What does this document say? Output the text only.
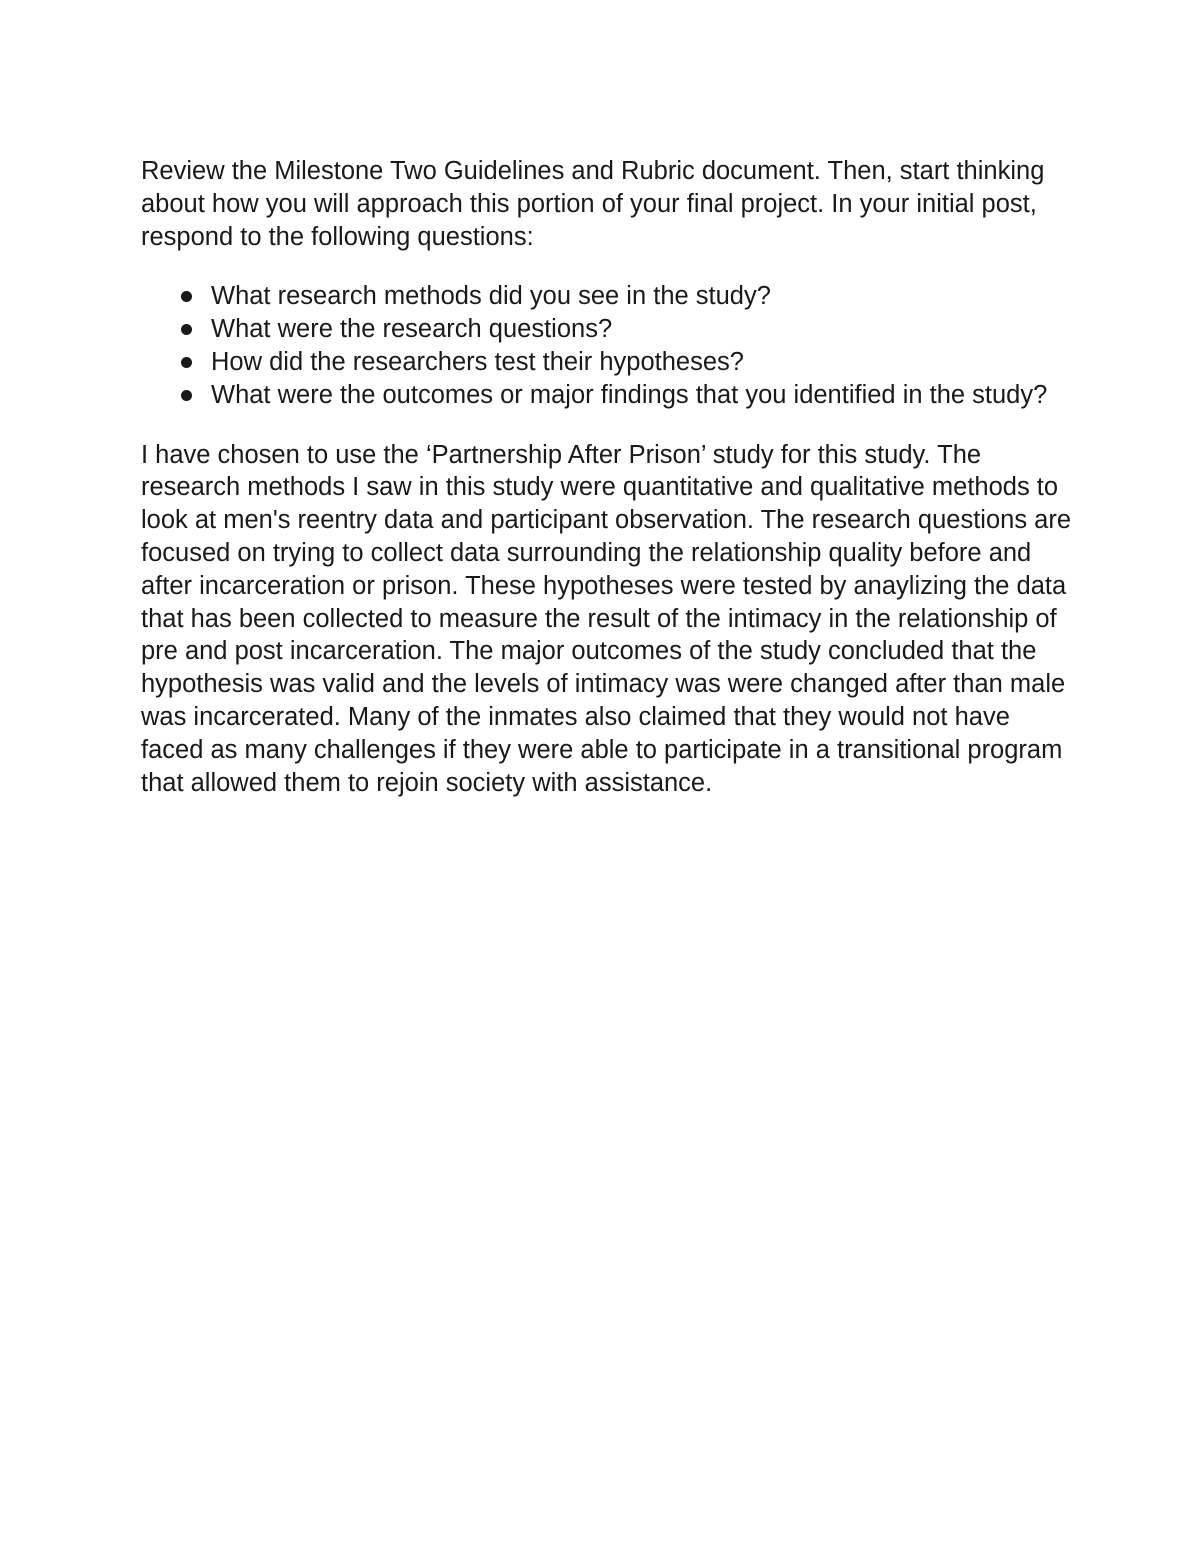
Review the Milestone Two Guidelines and Rubric document. Then, start thinking about how you will approach this portion of your final project. In your initial post, respond to the following questions:

What research methods did you see in the study?
What were the research questions?
How did the researchers test their hypotheses?
What were the outcomes or major findings that you identified in the study?

I have chosen to use the ‘Partnership After Prison’ study for this study. The research methods I saw in this study were quantitative and qualitative methods to look at men's reentry data and participant observation. The research questions are focused on trying to collect data surrounding the relationship quality before and after incarceration or prison. These hypotheses were tested by anaylizing the data that has been collected to measure the result of the intimacy in the relationship of pre and post incarceration. The major outcomes of the study concluded that the hypothesis was valid and the levels of intimacy was were changed after than male was incarcerated. Many of the inmates also claimed that they would not have faced as many challenges if they were able to participate in a transitional program that allowed them to rejoin society with assistance.
